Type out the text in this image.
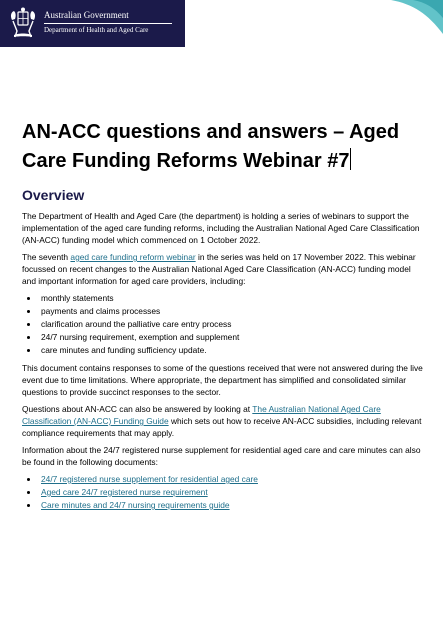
Australian Government
Department of Health and Aged Care
AN-ACC questions and answers – Aged Care Funding Reforms Webinar #7
Overview

The Department of Health and Aged Care (the department) is holding a series of webinars to support the implementation of the aged care funding reforms, including the Australian National Aged Care Classification (AN-ACC) funding model which commenced on 1 October 2022.

The seventh aged care funding reform webinar in the series was held on 17 November 2022. This webinar focussed on recent changes to the Australian National Aged Care Classification (AN-ACC) funding model and important information for aged care providers, including:

• monthly statements
• payments and claims processes
• clarification around the palliative care entry process
• 24/7 nursing requirement, exemption and supplement
• care minutes and funding sufficiency update.

This document contains responses to some of the questions received that were not answered during the live event due to time limitations. Where appropriate, the department has simplified and consolidated similar questions to provide succinct responses to the sector.

Questions about AN-ACC can also be answered by looking at The Australian National Aged Care Classification (AN-ACC) Funding Guide which sets out how to receive AN-ACC subsidies, including relevant compliance requirements that may apply.

Information about the 24/7 registered nurse supplement for residential aged care and care minutes can also be found in the following documents:

• 24/7 registered nurse supplement for residential aged care
• Aged care 24/7 registered nurse requirement
• Care minutes and 24/7 nursing requirements guide
